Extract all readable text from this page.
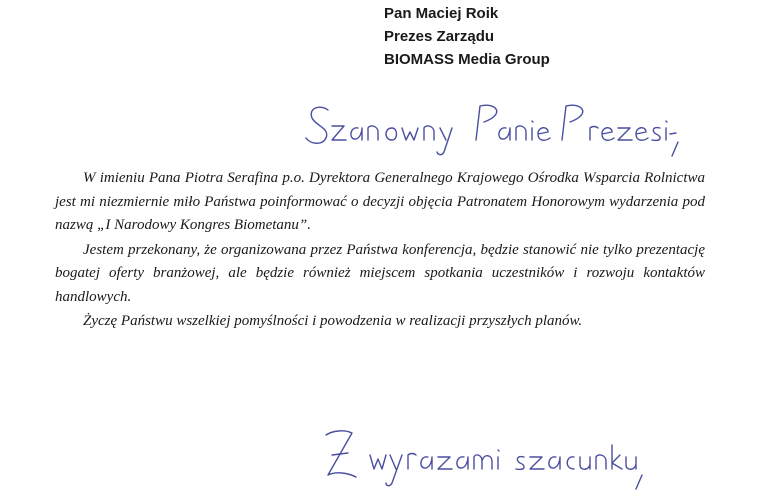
Pan Maciej Roik
Prezes Zarządu
BIOMASS Media Group

W imieniu Pana Piotra Serafina p.o. Dyrektora Generalnego Krajowego Ośrodka Wsparcia Rolnictwa jest mi niezmiernie miło Państwa poinformować o decyzji objęcia Patronatem Honorowym wydarzenia pod nazwą „I Narodowy Kongres Biometanu”.

Jestem przekonany, że organizowana przez Państwa konferencja, będzie stanowić nie tylko prezentację bogatej oferty branżowej, ale będzie również miejscem spotkania uczestników i rozwoju kontaktów handlowych.

Życzę Państwu wszelkiej pomyślności i powodzenia w realizacji przyszłych planów.
